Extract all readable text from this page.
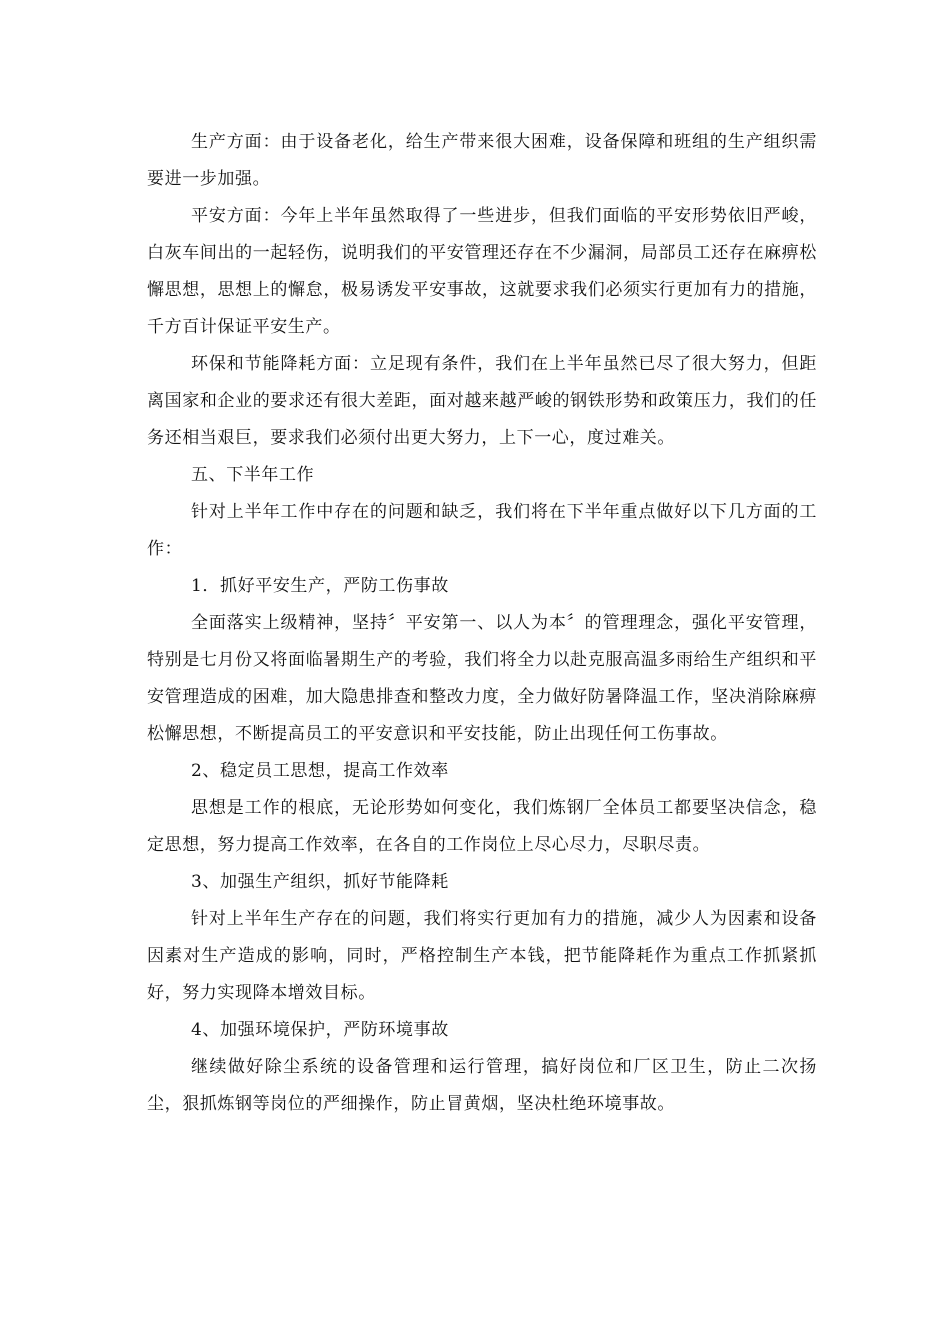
生产方面：由于设备老化，给生产带来很大困难，设备保障和班组的生产组织需要进一步加强。

平安方面：今年上半年虽然取得了一些进步，但我们面临的平安形势依旧严峻，白灰车间出的一起轻伤，说明我们的平安管理还存在不少漏洞，局部员工还存在麻痹松懈思想，思想上的懈怠，极易诱发平安事故，这就要求我们必须实行更加有力的措施，千方百计保证平安生产。

环保和节能降耗方面：立足现有条件，我们在上半年虽然已尽了很大努力，但距离国家和企业的要求还有很大差距，面对越来越严峻的钢铁形势和政策压力，我们的任务还相当艰巨，要求我们必须付出更大努力，上下一心，度过难关。

五、下半年工作

针对上半年工作中存在的问题和缺乏，我们将在下半年重点做好以下几方面的工作：

1．抓好平安生产，严防工伤事故

全面落实上级精神，坚持〞平安第一、以人为本〞的管理理念，强化平安管理，特别是七月份又将面临暑期生产的考验，我们将全力以赴克服高温多雨给生产组织和平安管理造成的困难，加大隐患排查和整改力度，全力做好防暑降温工作，坚决消除麻痹松懈思想，不断提高员工的平安意识和平安技能，防止出现任何工伤事故。

2、稳定员工思想，提高工作效率

思想是工作的根底，无论形势如何变化，我们炼钢厂全体员工都要坚决信念，稳定思想，努力提高工作效率，在各自的工作岗位上尽心尽力，尽职尽责。

3、加强生产组织，抓好节能降耗

针对上半年生产存在的问题，我们将实行更加有力的措施，减少人为因素和设备因素对生产造成的影响，同时，严格控制生产本钱，把节能降耗作为重点工作抓紧抓好，努力实现降本增效目标。

4、加强环境保护，严防环境事故

继续做好除尘系统的设备管理和运行管理，搞好岗位和厂区卫生，防止二次扬尘，狠抓炼钢等岗位的严细操作，防止冒黄烟，坚决杜绝环境事故。
